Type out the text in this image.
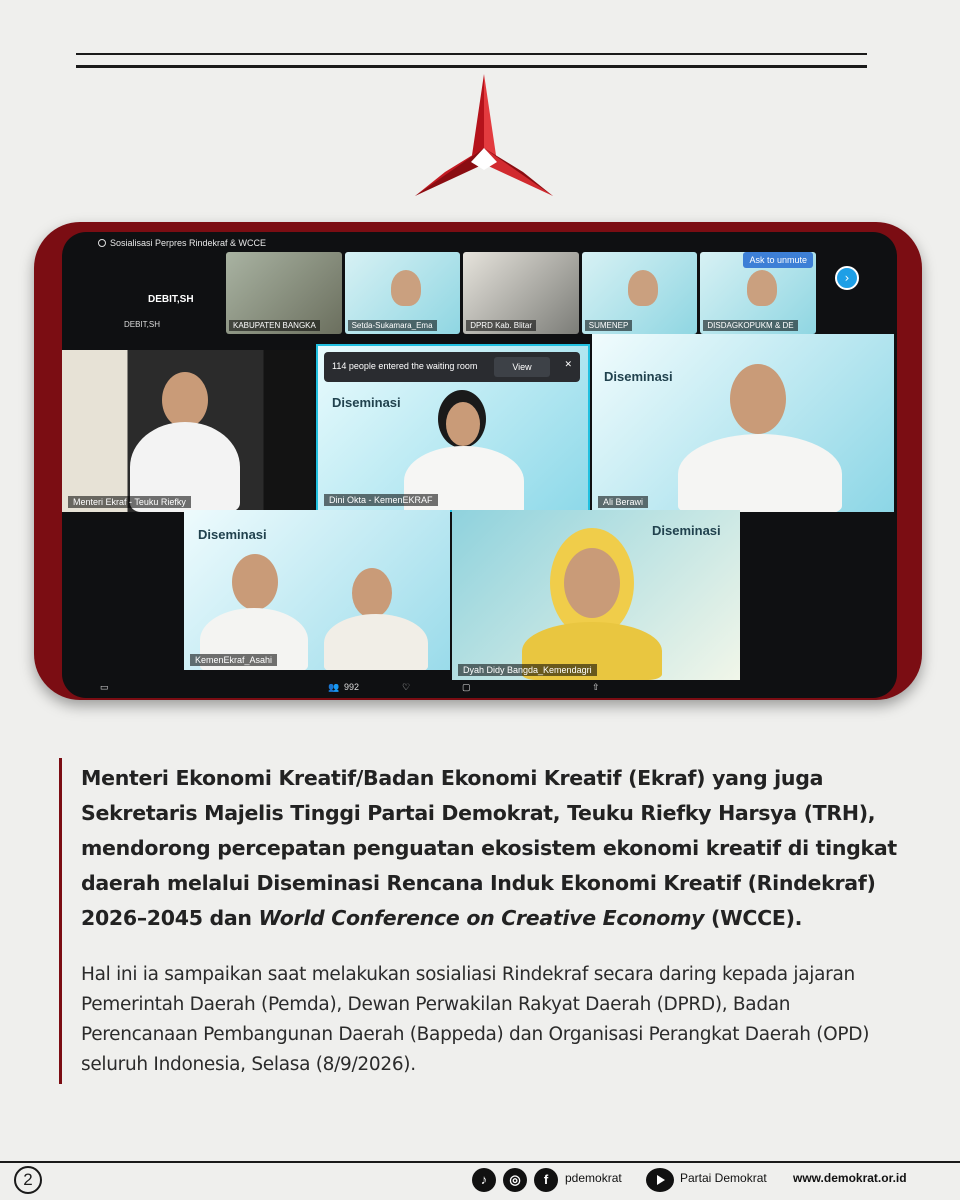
Sosialisasi Perpres Rindekraf & WCCE
DEBIT,SH
DEBIT,SH	KABUPATEN BANGKA	Setda-Sukamara_Ema	DPRD Kab. Blitar	SUMENEP	DISDAGKOPUKM & DE
Ask to unmute
›
Menteri Ekraf - Teuku Riefky
Diseminasi
Dini Okta - KemenEKRAF
Diseminasi
Ali Berawi
Diseminasi
KemenEkraf_Asahi
Diseminasi
Dyah Didy Bangda_Kemendagri
114 people entered the waiting room	View	✕
▭	👥 992	♡	▢	⇧

Menteri Ekonomi Kreatif/Badan Ekonomi Kreatif (Ekraf) yang juga Sekretaris Majelis Tinggi Partai Demokrat, Teuku Riefky Harsya (TRH), mendorong percepatan penguatan ekosistem ekonomi kreatif di tingkat daerah melalui Diseminasi Rencana Induk Ekonomi Kreatif (Rindekraf) 2026–2045 dan World Conference on Creative Economy (WCCE).

Hal ini ia sampaikan saat melakukan sosialiasi Rindekraf secara daring kepada jajaran Pemerintah Daerah (Pemda), Dewan Perwakilan Rakyat Daerah (DPRD), Badan Perencanaan Pembangunan Daerah (Bappeda) dan Organisasi Perangkat Daerah (OPD) seluruh Indonesia, Selasa (8/9/2026).

2	♪	◎	f	pdemokrat	Partai Demokrat www.demokrat.or.id
